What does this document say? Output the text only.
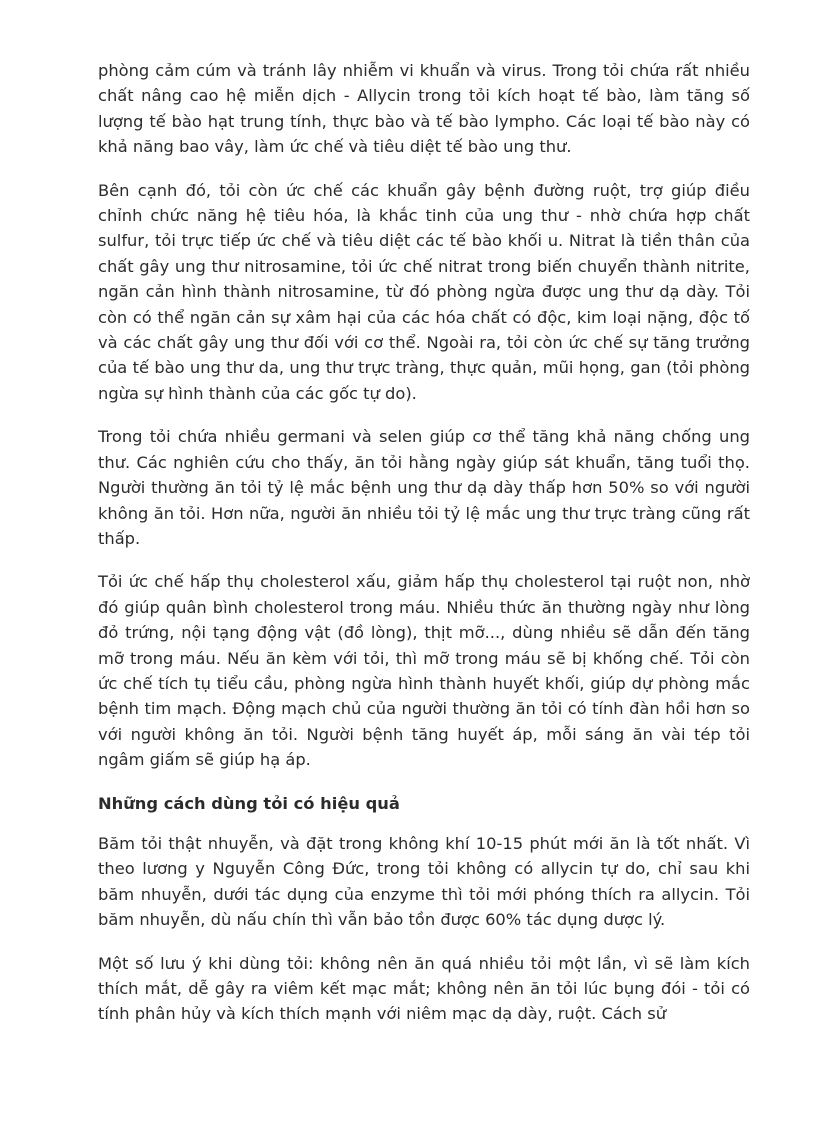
phòng cảm cúm và tránh lây nhiễm vi khuẩn và virus. Trong tỏi chứa rất nhiều chất nâng cao hệ miễn dịch - Allycin trong tỏi kích hoạt tế bào, làm tăng số lượng tế bào hạt trung tính, thực bào và tế bào lympho. Các loại tế bào này có khả năng bao vây, làm ức chế và tiêu diệt tế bào ung thư.

Bên cạnh đó, tỏi còn ức chế các khuẩn gây bệnh đường ruột, trợ giúp điều chỉnh chức năng hệ tiêu hóa, là khắc tinh của ung thư - nhờ chứa hợp chất sulfur, tỏi trực tiếp ức chế và tiêu diệt các tế bào khối u. Nitrat là tiền thân của chất gây ung thư nitrosamine, tỏi ức chế nitrat trong biến chuyển thành nitrite, ngăn cản hình thành nitrosamine, từ đó phòng ngừa được ung thư dạ dày. Tỏi còn có thể ngăn cản sự xâm hại của các hóa chất có độc, kim loại nặng, độc tố và các chất gây ung thư đối với cơ thể. Ngoài ra, tỏi còn ức chế sự tăng trưởng của tế bào ung thư da, ung thư trực tràng, thực quản, mũi họng, gan (tỏi phòng ngừa sự hình thành của các gốc tự do).

Trong tỏi chứa nhiều germani và selen giúp cơ thể tăng khả năng chống ung thư. Các nghiên cứu cho thấy, ăn tỏi hằng ngày giúp sát khuẩn, tăng tuổi thọ. Người thường ăn tỏi tỷ lệ mắc bệnh ung thư dạ dày thấp hơn 50% so với người không ăn tỏi. Hơn nữa, người ăn nhiều tỏi tỷ lệ mắc ung thư trực tràng cũng rất thấp.

Tỏi ức chế hấp thụ cholesterol xấu, giảm hấp thụ cholesterol tại ruột non, nhờ đó giúp quân bình cholesterol trong máu. Nhiều thức ăn thường ngày như lòng đỏ trứng, nội tạng động vật (đồ lòng), thịt mỡ..., dùng nhiều sẽ dẫn đến tăng mỡ trong máu. Nếu ăn kèm với tỏi, thì mỡ trong máu sẽ bị khống chế. Tỏi còn ức chế tích tụ tiểu cầu, phòng ngừa hình thành huyết khối, giúp dự phòng mắc bệnh tim mạch. Động mạch chủ của người thường ăn tỏi có tính đàn hồi hơn so với người không ăn tỏi. Người bệnh tăng huyết áp, mỗi sáng ăn vài tép tỏi ngâm giấm sẽ giúp hạ áp.

Những cách dùng tỏi có hiệu quả

Băm tỏi thật nhuyễn, và đặt trong không khí 10-15 phút mới ăn là tốt nhất. Vì theo lương y Nguyễn Công Đức, trong tỏi không có allycin tự do, chỉ sau khi băm nhuyễn, dưới tác dụng của enzyme thì tỏi mới phóng thích ra allycin. Tỏi băm nhuyễn, dù nấu chín thì vẫn bảo tồn được 60% tác dụng dược lý.

Một số lưu ý khi dùng tỏi: không nên ăn quá nhiều tỏi một lần, vì sẽ làm kích thích mắt, dễ gây ra viêm kết mạc mắt; không nên ăn tỏi lúc bụng đói - tỏi có tính phân hủy và kích thích mạnh với niêm mạc dạ dày, ruột. Cách sử
